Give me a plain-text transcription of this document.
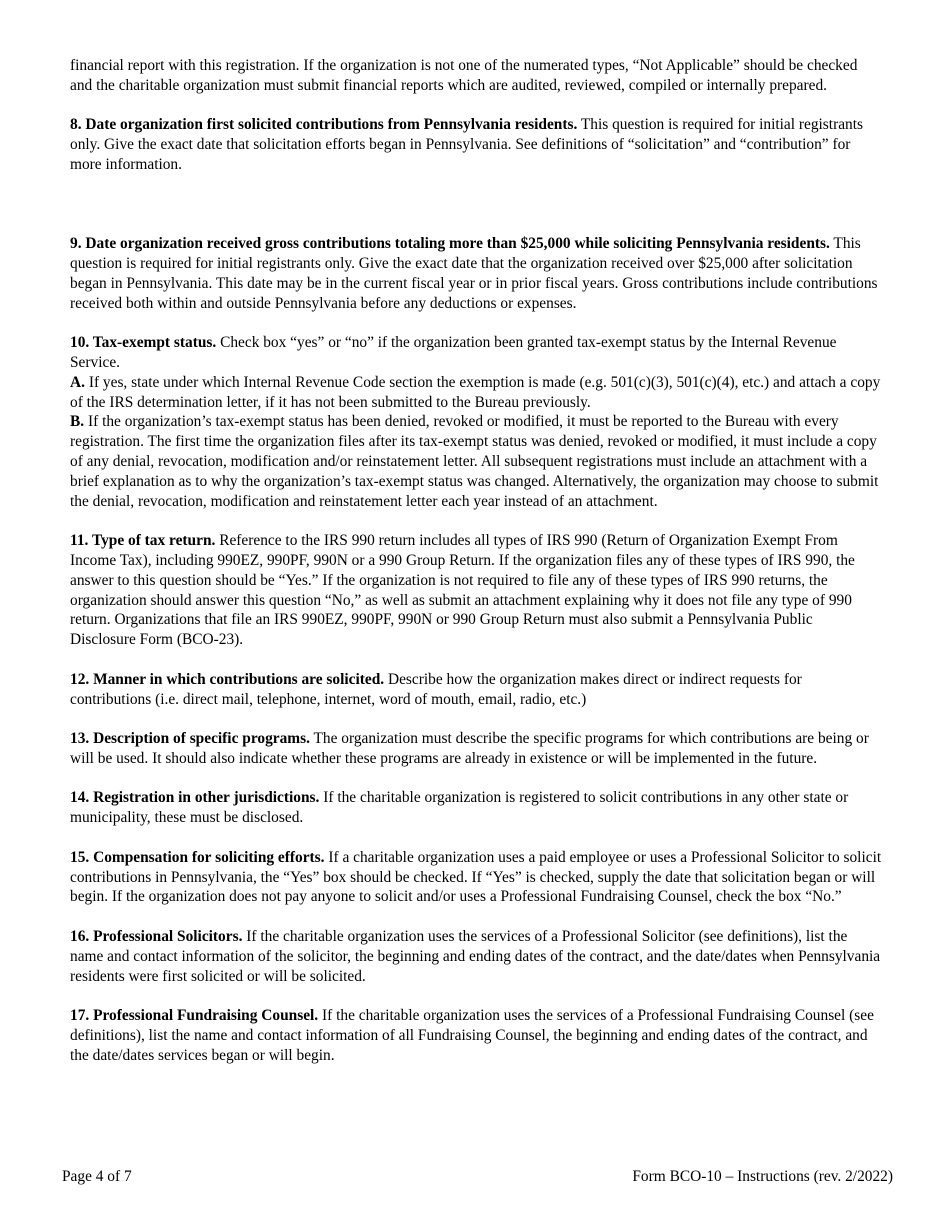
financial report with this registration. If the organization is not one of the numerated types, “Not Applicable” should be checked and the charitable organization must submit financial reports which are audited, reviewed, compiled or internally prepared.

8. Date organization first solicited contributions from Pennsylvania residents. This question is required for initial registrants only. Give the exact date that solicitation efforts began in Pennsylvania. See definitions of “solicitation” and “contribution” for more information.

9. Date organization received gross contributions totaling more than $25,000 while soliciting Pennsylvania residents. This question is required for initial registrants only. Give the exact date that the organization received over $25,000 after solicitation began in Pennsylvania. This date may be in the current fiscal year or in prior fiscal years. Gross contributions include contributions received both within and outside Pennsylvania before any deductions or expenses.

10. Tax-exempt status. Check box “yes” or “no” if the organization been granted tax-exempt status by the Internal Revenue Service.

A. If yes, state under which Internal Revenue Code section the exemption is made (e.g. 501(c)(3), 501(c)(4), etc.) and attach a copy of the IRS determination letter, if it has not been submitted to the Bureau previously.

B. If the organization’s tax-exempt status has been denied, revoked or modified, it must be reported to the Bureau with every registration. The first time the organization files after its tax-exempt status was denied, revoked or modified, it must include a copy of any denial, revocation, modification and/or reinstatement letter. All subsequent registrations must include an attachment with a brief explanation as to why the organization’s tax-exempt status was changed. Alternatively, the organization may choose to submit the denial, revocation, modification and reinstatement letter each year instead of an attachment.

11. Type of tax return. Reference to the IRS 990 return includes all types of IRS 990 (Return of Organization Exempt From Income Tax), including 990EZ, 990PF, 990N or a 990 Group Return. If the organization files any of these types of IRS 990, the answer to this question should be “Yes.” If the organization is not required to file any of these types of IRS 990 returns, the organization should answer this question “No,” as well as submit an attachment explaining why it does not file any type of 990 return. Organizations that file an IRS 990EZ, 990PF, 990N or 990 Group Return must also submit a Pennsylvania Public Disclosure Form (BCO-23).

12. Manner in which contributions are solicited. Describe how the organization makes direct or indirect requests for contributions (i.e. direct mail, telephone, internet, word of mouth, email, radio, etc.)

13. Description of specific programs. The organization must describe the specific programs for which contributions are being or will be used. It should also indicate whether these programs are already in existence or will be implemented in the future.

14. Registration in other jurisdictions. If the charitable organization is registered to solicit contributions in any other state or municipality, these must be disclosed.

15. Compensation for soliciting efforts. If a charitable organization uses a paid employee or uses a Professional Solicitor to solicit contributions in Pennsylvania, the “Yes” box should be checked. If “Yes” is checked, supply the date that solicitation began or will begin. If the organization does not pay anyone to solicit and/or uses a Professional Fundraising Counsel, check the box “No.”

16. Professional Solicitors. If the charitable organization uses the services of a Professional Solicitor (see definitions), list the name and contact information of the solicitor, the beginning and ending dates of the contract, and the date/dates when Pennsylvania residents were first solicited or will be solicited.

17. Professional Fundraising Counsel. If the charitable organization uses the services of a Professional Fundraising Counsel (see definitions), list the name and contact information of all Fundraising Counsel, the beginning and ending dates of the contract, and the date/dates services began or will begin.

Page 4 of 7	Form BCO-10 – Instructions (rev. 2/2022)
